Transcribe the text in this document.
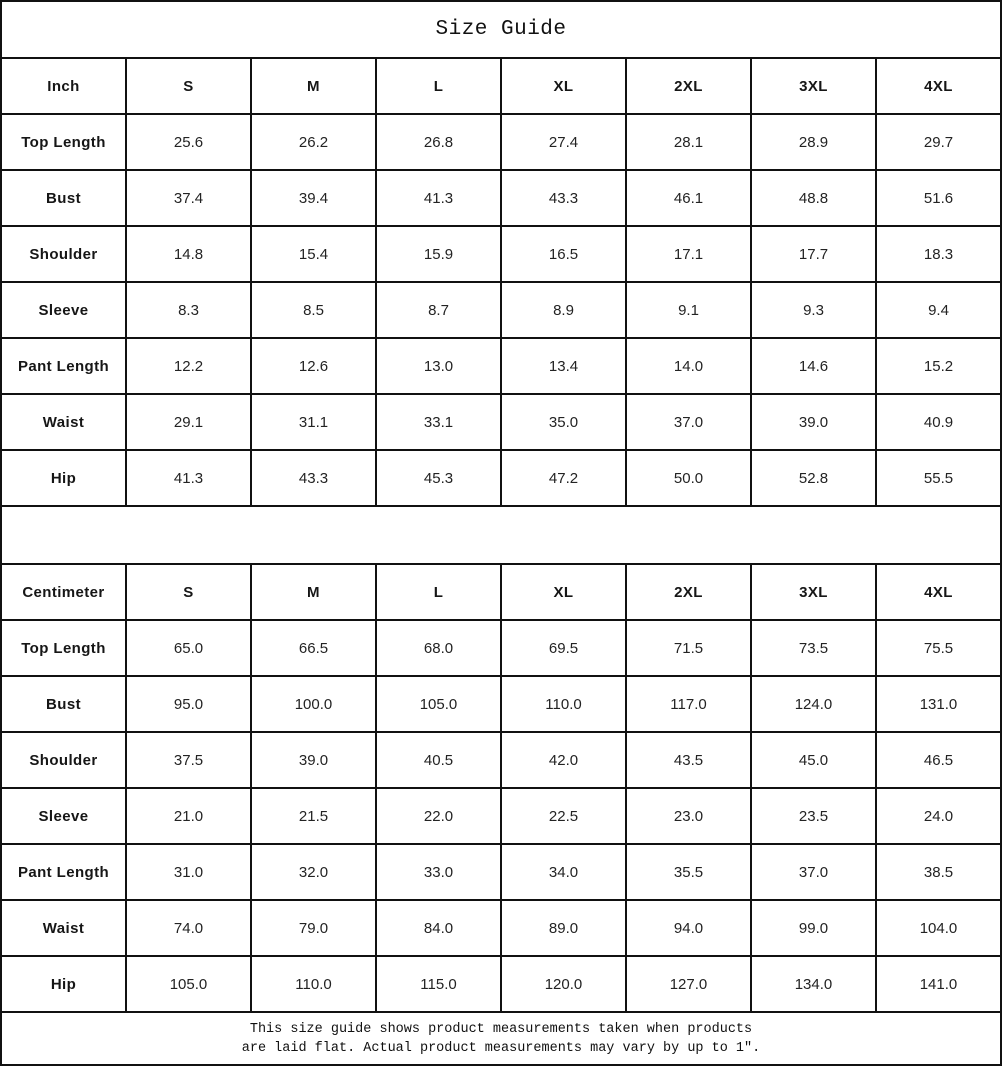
Size Guide
Inch	S	M	L	XL	2XL	3XL	4XL
Top Length	25.6	26.2	26.8	27.4	28.1	28.9	29.7
Bust	37.4	39.4	41.3	43.3	46.1	48.8	51.6
Shoulder	14.8	15.4	15.9	16.5	17.1	17.7	18.3
Sleeve	8.3	8.5	8.7	8.9	9.1	9.3	9.4
Pant Length	12.2	12.6	13.0	13.4	14.0	14.6	15.2
Waist	29.1	31.1	33.1	35.0	37.0	39.0	40.9
Hip	41.3	43.3	45.3	47.2	50.0	52.8	55.5
Centimeter	S	M	L	XL	2XL	3XL	4XL
Top Length	65.0	66.5	68.0	69.5	71.5	73.5	75.5
Bust	95.0	100.0	105.0	110.0	117.0	124.0	131.0
Shoulder	37.5	39.0	40.5	42.0	43.5	45.0	46.5
Sleeve	21.0	21.5	22.0	22.5	23.0	23.5	24.0
Pant Length	31.0	32.0	33.0	34.0	35.5	37.0	38.5
Waist	74.0	79.0	84.0	89.0	94.0	99.0	104.0
Hip	105.0	110.0	115.0	120.0	127.0	134.0	141.0
This size guide shows product measurements taken when products
are laid flat. Actual product measurements may vary by up to 1″.
